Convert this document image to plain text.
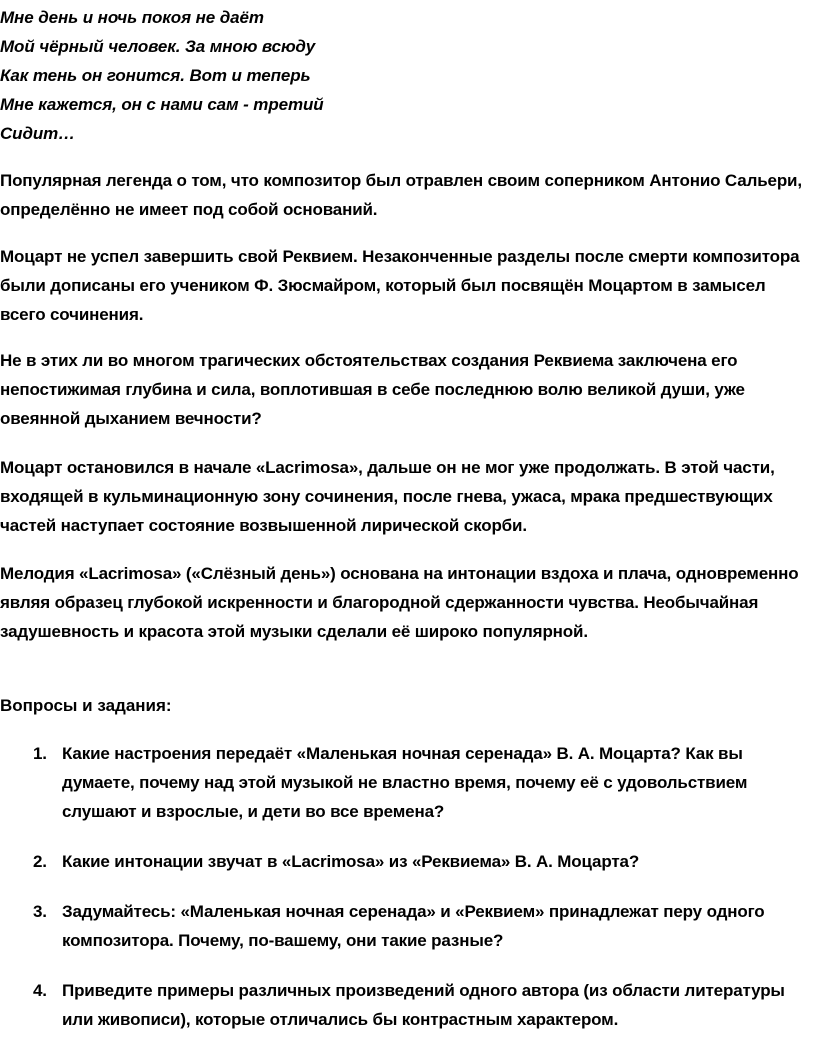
Мне день и ночь покоя не даёт
Мой чёрный человек. За мною всюду
Как тень он гонится. Вот и теперь
Мне кажется, он с нами сам - третий
Сидит…

Популярная легенда о том, что композитор был отравлен своим соперником Антонио Сальери, определённо не имеет под собой оснований.

Моцарт не успел завершить свой Реквием. Незаконченные разделы после смерти композитора были дописаны его учеником Ф. Зюсмайром, который был посвящён Моцартом в замысел всего сочинения.

Не в этих ли во многом трагических обстоятельствах создания Реквиема заключена его непостижимая глубина и сила, воплотившая в себе последнюю волю великой души, уже овеянной дыханием вечности?

Моцарт остановился в начале «Lacrimosa», дальше он не мог уже продолжать. В этой части, входящей в кульминационную зону сочинения, после гнева, ужаса, мрака предшествующих частей наступает состояние возвышенной лирической скорби.

Мелодия «Lacrimosa» («Слёзный день») основана на интонации вздоха и плача, одновременно являя образец глубокой искренности и благородной сдержанности чувства. Необычайная задушевность и красота этой музыки сделали её широко популярной.

Вопросы и задания:

1. Какие настроения передаёт «Маленькая ночная серенада» В. А. Моцарта? Как вы думаете, почему над этой музыкой не властно время, почему её с удовольствием слушают и взрослые, и дети во все времена?
2. Какие интонации звучат в «Lacrimosa» из «Реквиема» В. А. Моцарта?
3. Задумайтесь: «Маленькая ночная серенада» и «Реквием» принадлежат перу одного композитора. Почему, по-вашему, они такие разные?
4. Приведите примеры различных произведений одного автора (из области литературы или живописи), которые отличались бы контрастным характером.
